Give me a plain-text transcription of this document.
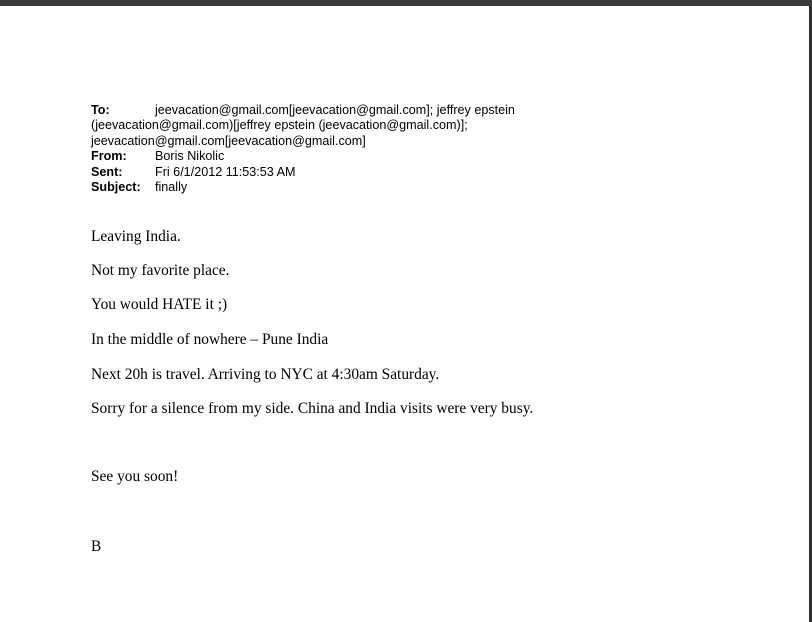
To:	jeevacation@gmail.com[jeevacation@gmail.com]; jeffrey epstein
(jeevacation@gmail.com)[jeffrey epstein (jeevacation@gmail.com)];
jeevacation@gmail.com[jeevacation@gmail.com]
From: Boris Nikolic
Sent:	Fri 6/1/2012 11:53:53 AM
Subject: finally
Leaving India.
Not my favorite place.
You would HATE it ;)
In the middle of nowhere – Pune India
Next 20h is travel. Arriving to NYC at 4:30am Saturday.
Sorry for a silence from my side. China and India visits were very busy.
See you soon!
B
